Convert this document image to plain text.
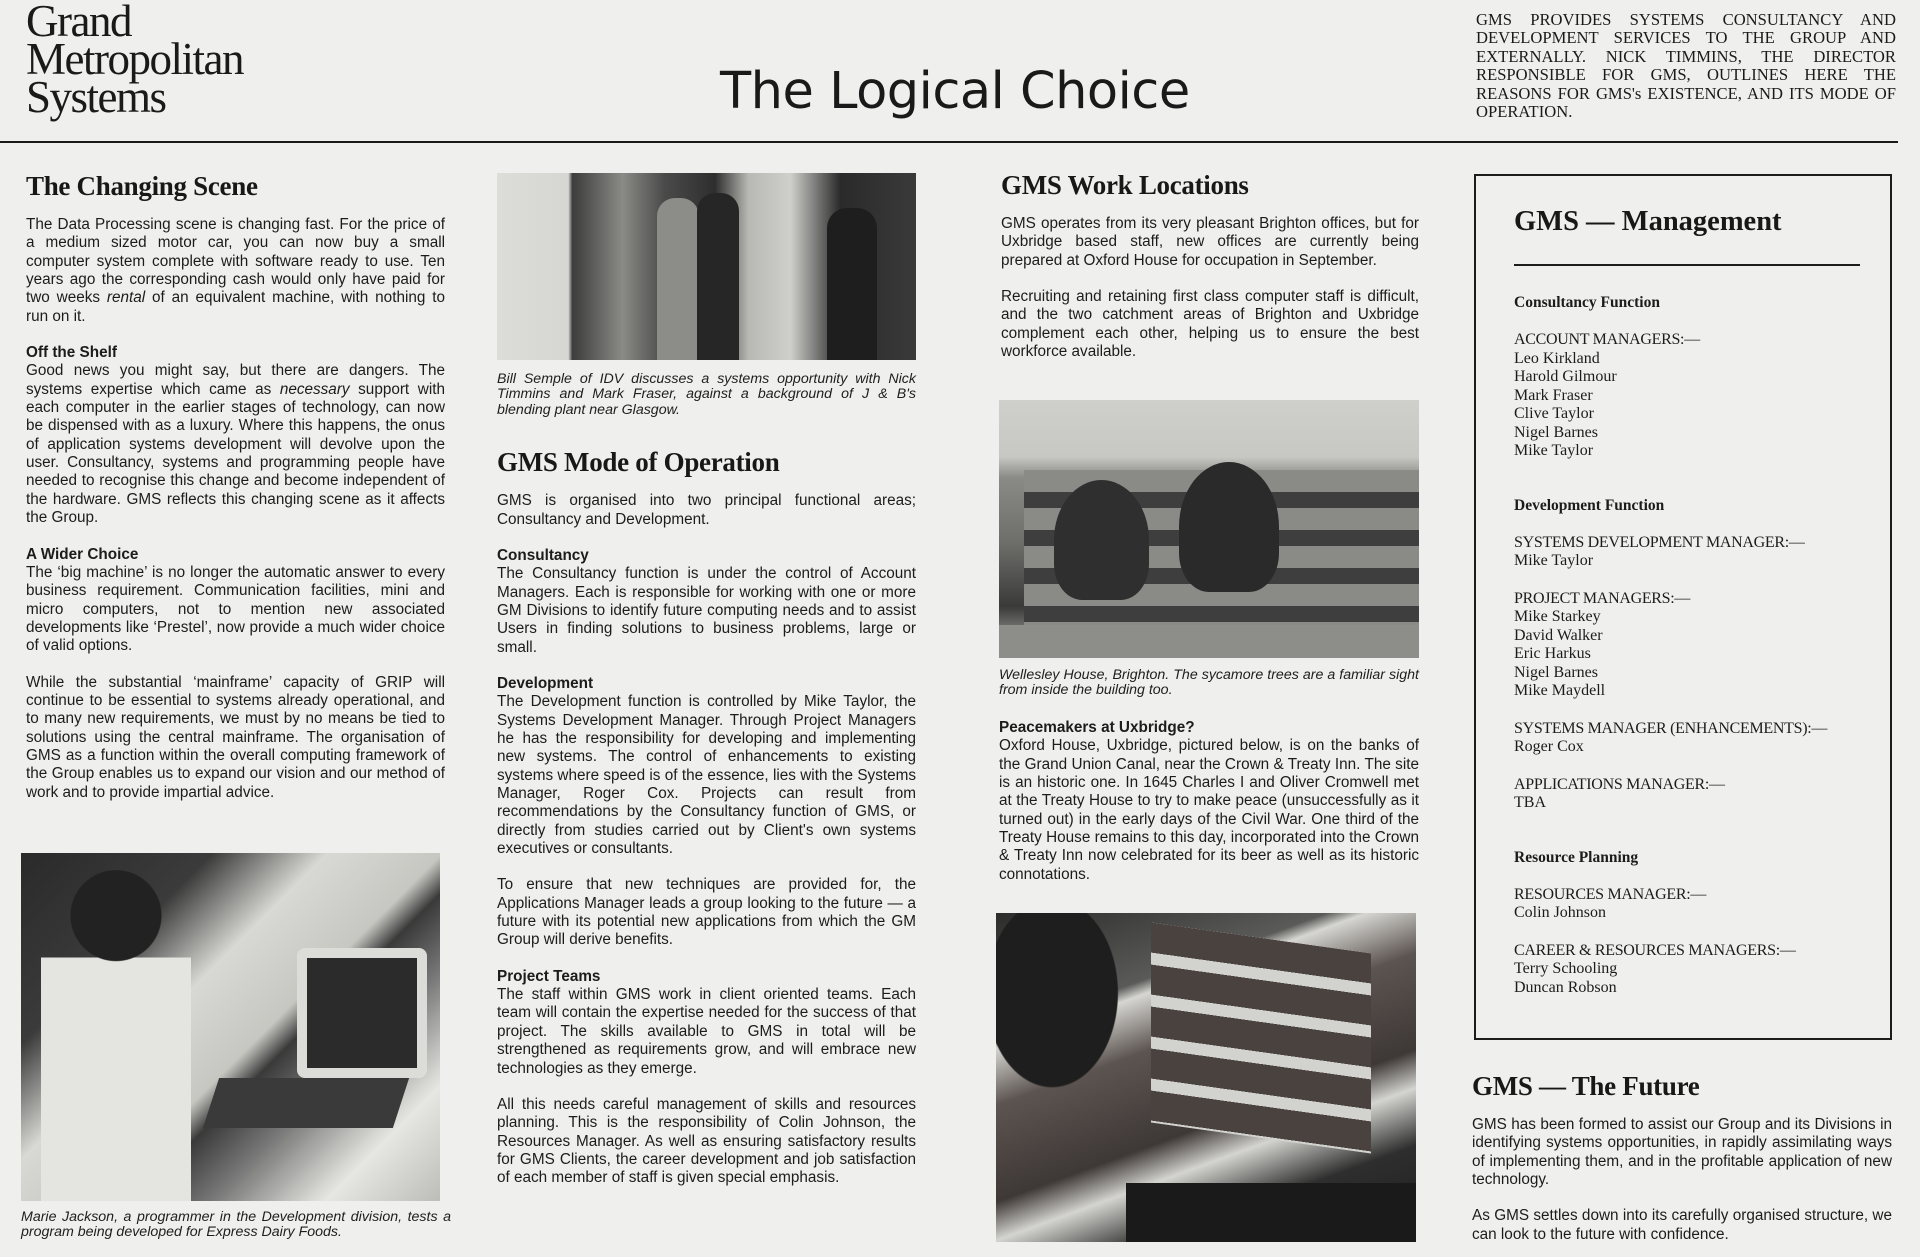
Grand
Metropolitan
Systems	The Logical Choice
GMS PROVIDES SYSTEMS CONSULTANCY AND DEVELOPMENT SERVICES TO THE GROUP AND EXTERNALLY. NICK TIMMINS, THE DIRECTOR RESPONSIBLE FOR GMS, OUTLINES HERE THE REASONS FOR GMS's EXISTENCE, AND ITS MODE OF OPERATION.
The Changing Scene

The Data Processing scene is changing fast. For the price of a medium sized motor car, you can now buy a small computer system complete with software ready to use. Ten years ago the corresponding cash would only have paid for two weeks rental of an equivalent machine, with nothing to run on it.

Off the Shelf

Good news you might say, but there are dangers. The systems expertise which came as necessary support with each computer in the earlier stages of technology, can now be dispensed with as a luxury. Where this happens, the onus of application systems development will devolve upon the user. Consultancy, systems and programming people have needed to recognise this change and become independent of the hardware. GMS reflects this changing scene as it affects the Group.

A Wider Choice

The ‘big machine’ is no longer the automatic answer to every business requirement. Communication facilities, mini and micro computers, not to mention new associated developments like ‘Prestel’, now provide a much wider choice of valid options.

While the substantial ‘mainframe’ capacity of GRIP will continue to be essential to systems already operational, and to many new requirements, we must by no means be tied to solutions using the central mainframe. The organisation of GMS as a function within the overall computing framework of the Group enables us to expand our vision and our method of work and to provide impartial advice.

Marie Jackson, a programmer in the Development division, tests a program being developed for Express Dairy Foods.

Bill Semple of IDV discusses a systems opportunity with Nick Timmins and Mark Fraser, against a background of J & B's blending plant near Glasgow.

GMS Mode of Operation

GMS is organised into two principal functional areas; Consultancy and Development.

Consultancy

The Consultancy function is under the control of Account Managers. Each is responsible for working with one or more GM Divisions to identify future computing needs and to assist Users in finding solutions to business problems, large or small.

Development

The Development function is controlled by Mike Taylor, the Systems Development Manager. Through Project Managers he has the responsibility for developing and implementing new systems. The control of enhancements to existing systems where speed is of the essence, lies with the Systems Manager, Roger Cox. Projects can result from recommendations by the Consultancy function of GMS, or directly from studies carried out by Client's own systems executives or consultants.

To ensure that new techniques are provided for, the Applications Manager leads a group looking to the future — a future with its potential new applications from which the GM Group will derive benefits.

Project Teams

The staff within GMS work in client oriented teams. Each team will contain the expertise needed for the success of that project. The skills available to GMS in total will be strengthened as requirements grow, and will embrace new technologies as they emerge.

All this needs careful management of skills and resources planning. This is the responsibility of Colin Johnson, the Resources Manager. As well as ensuring satisfactory results for GMS Clients, the career development and job satisfaction of each member of staff is given special emphasis.

GMS Work Locations

GMS operates from its very pleasant Brighton offices, but for Uxbridge based staff, new offices are currently being prepared at Oxford House for occupation in September.

Recruiting and retaining first class computer staff is difficult, and the two catchment areas of Brighton and Uxbridge complement each other, helping us to ensure the best workforce available.

Wellesley House, Brighton. The sycamore trees are a familiar sight from inside the building too.

Peacemakers at Uxbridge?

Oxford House, Uxbridge, pictured below, is on the banks of the Grand Union Canal, near the Crown & Treaty Inn. The site is an historic one. In 1645 Charles I and Oliver Cromwell met at the Treaty House to try to make peace (unsuccessfully as it turned out) in the early days of the Civil War. One third of the Treaty House remains to this day, incorporated into the Crown & Treaty Inn now celebrated for its beer as well as its historic connotations.

GMS — Management

Consultancy Function

ACCOUNT MANAGERS:—

Leo Kirkland

Harold Gilmour

Mark Fraser

Clive Taylor

Nigel Barnes

Mike Taylor

Development Function

SYSTEMS DEVELOPMENT MANAGER:—

Mike Taylor

PROJECT MANAGERS:—

Mike Starkey

David Walker

Eric Harkus

Nigel Barnes

Mike Maydell

SYSTEMS MANAGER (ENHANCEMENTS):—

Roger Cox

APPLICATIONS MANAGER:—

TBA

Resource Planning

RESOURCES MANAGER:—

Colin Johnson

CAREER & RESOURCES MANAGERS:—

Terry Schooling

Duncan Robson

GMS — The Future

GMS has been formed to assist our Group and its Divisions in identifying systems opportunities, in rapidly assimilating ways of implementing them, and in the profitable application of new technology.

As GMS settles down into its carefully organised structure, we can look to the future with confidence.
